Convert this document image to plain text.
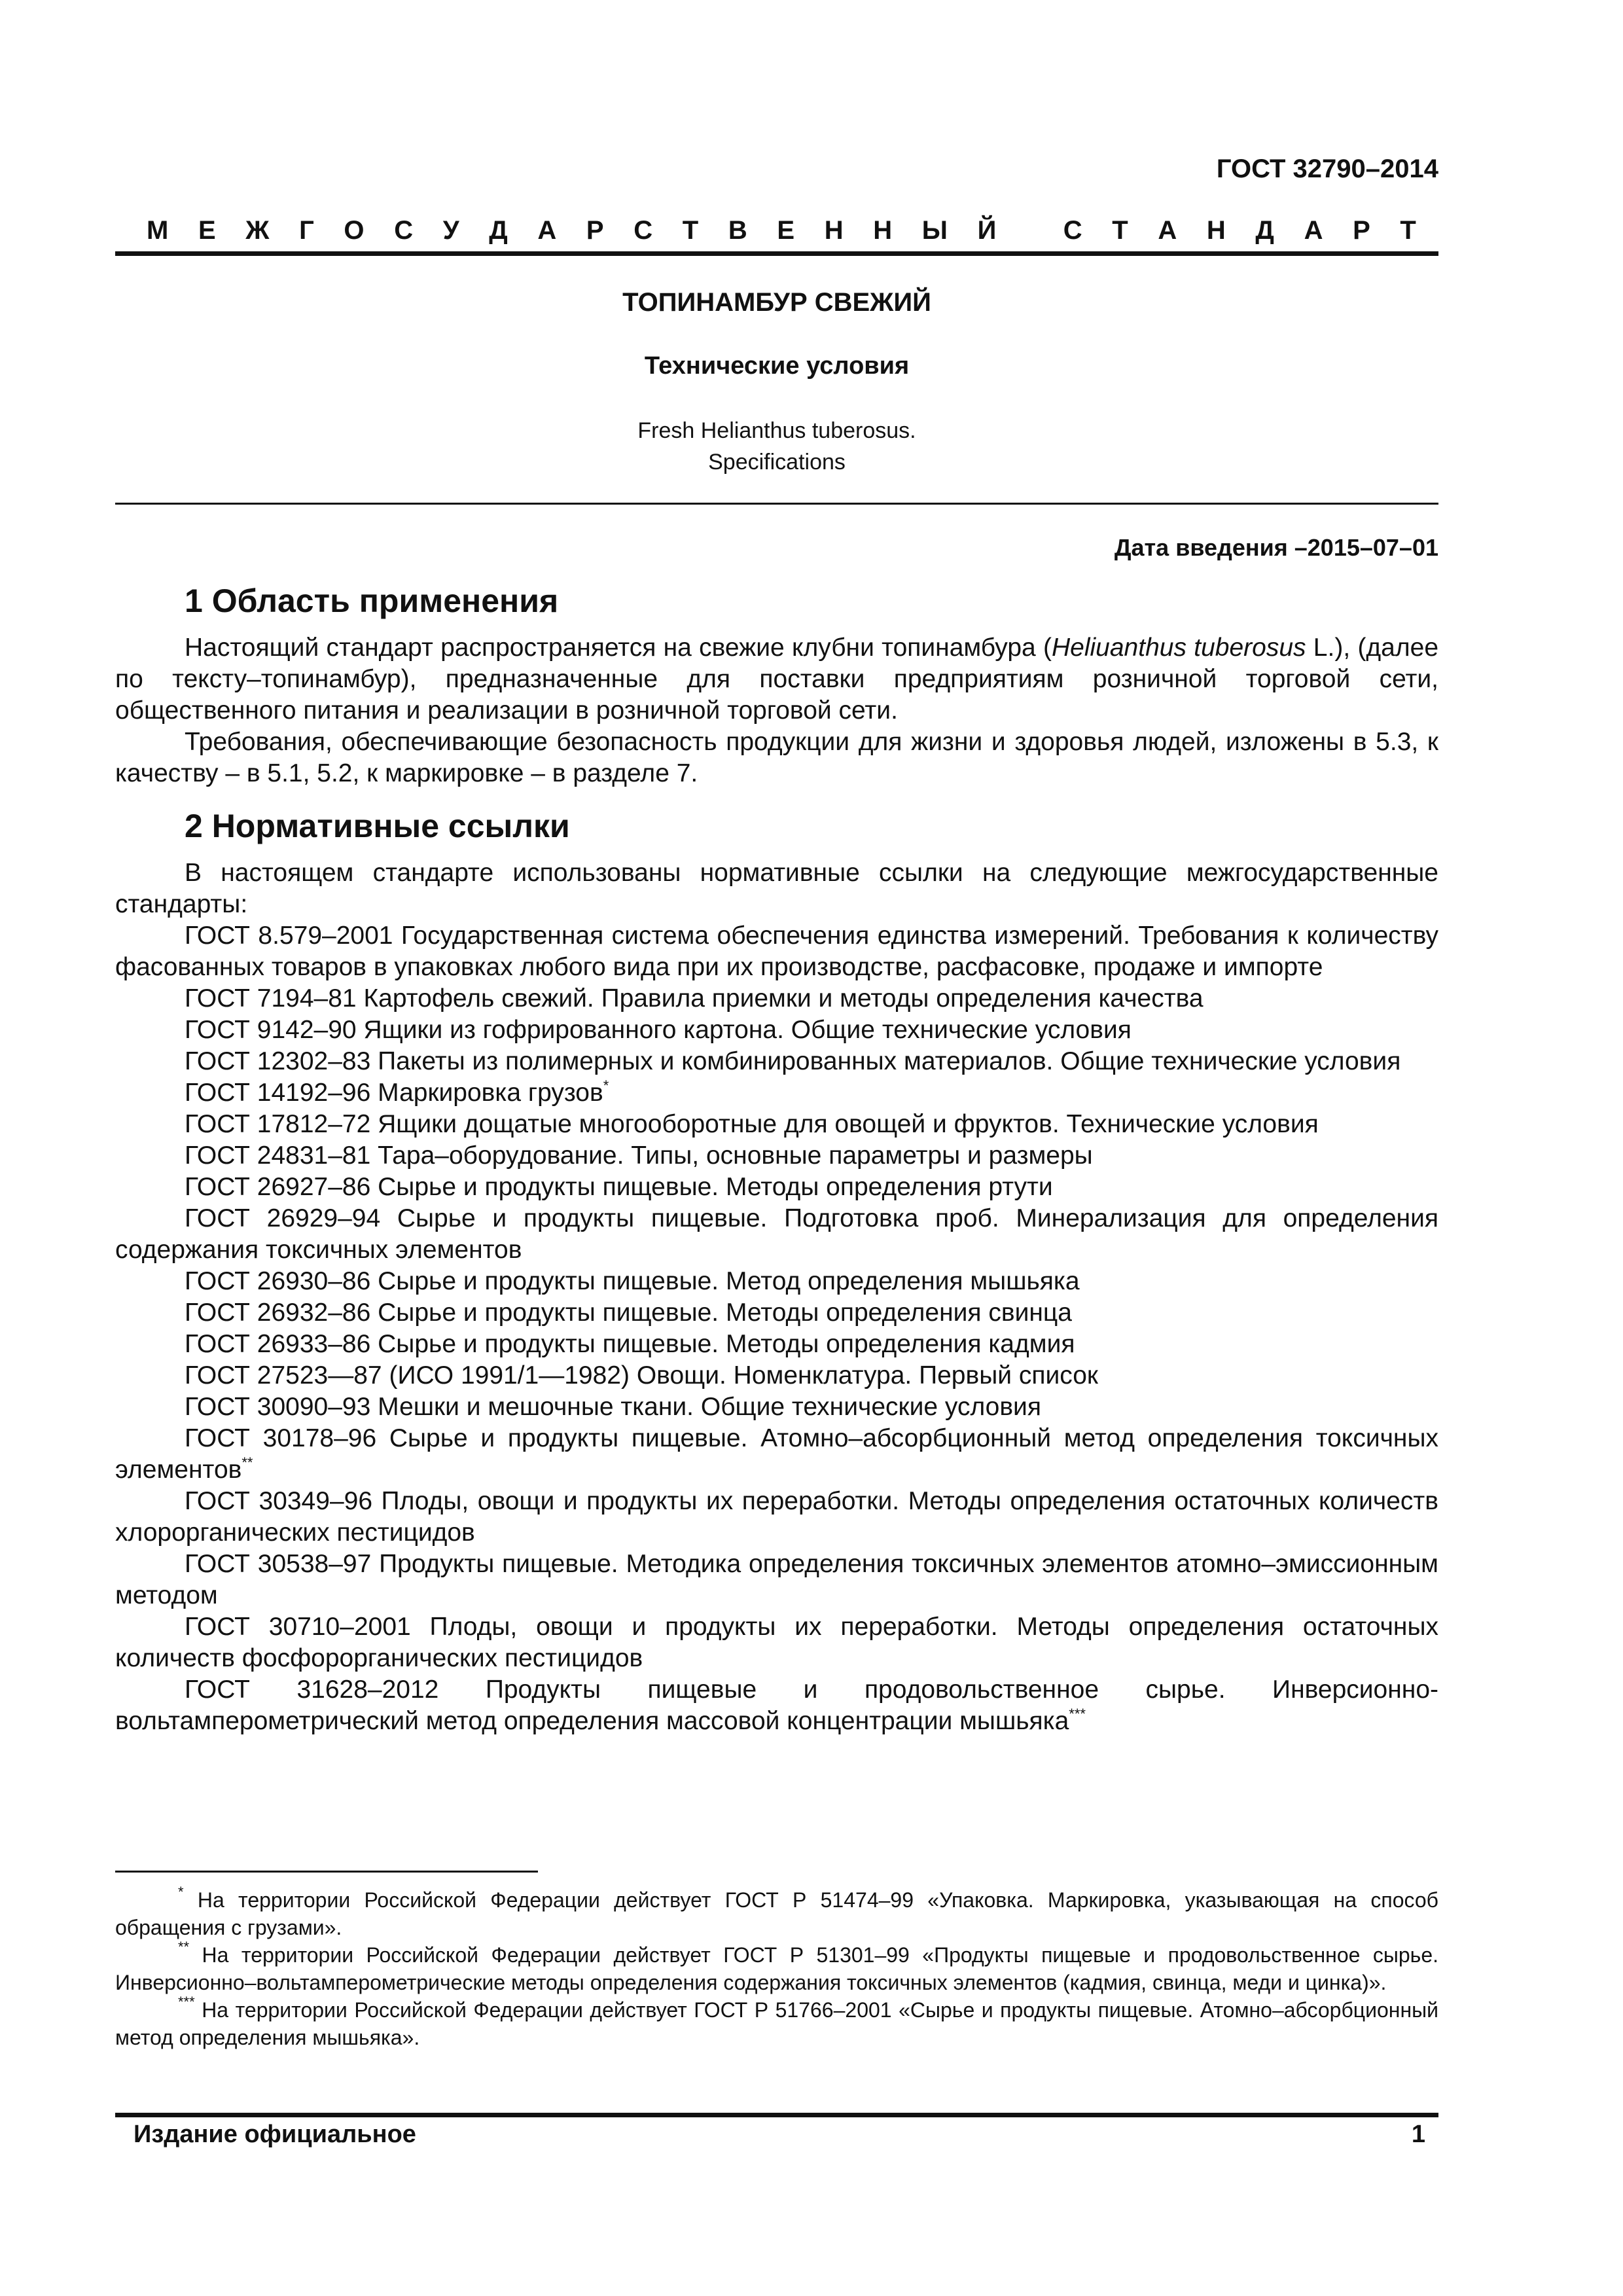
ГОСТ 32790–2014
М Е Ж Г О С У Д А Р С Т В Е Н Н Ы Й
	С Т А Н Д А Р Т
ТОПИНАМБУР СВЕЖИЙ
Технические условия
Fresh Helianthus tuberosus.
Specifications
Дата введения –2015–07–01
1 Область применения

Настоящий стандарт распространяется на свежие клубни топинамбура (Heliuanthus tuberosus L.), (далее по тексту–топинамбур), предназначенные для поставки предприятиям розничной торговой сети, общественного питания и реализации в розничной торговой сети.

Требования, обеспечивающие безопасность продукции для жизни и здоровья людей, изложены в 5.3, к качеству – в 5.1, 5.2, к маркировке – в разделе 7.

2 Нормативные ссылки

В настоящем стандарте использованы нормативные ссылки на следующие межгосударственные стандарты:

ГОСТ 8.579–2001 Государственная система обеспечения единства измерений. Требования к количеству фасованных товаров в упаковках любого вида при их производстве, расфасовке, продаже и импорте

ГОСТ 7194–81 Картофель свежий. Правила приемки и методы определения качества

ГОСТ 9142–90 Ящики из гофрированного картона. Общие технические условия

ГОСТ 12302–83 Пакеты из полимерных и комбинированных материалов. Общие технические условия

ГОСТ 14192–96 Маркировка грузов*

ГОСТ 17812–72 Ящики дощатые многооборотные для овощей и фруктов. Технические условия

ГОСТ 24831–81 Тара–оборудование. Типы, основные параметры и размеры

ГОСТ 26927–86 Сырье и продукты пищевые. Методы определения ртути

ГОСТ 26929–94 Сырье и продукты пищевые. Подготовка проб. Минерализация для определения содержания токсичных элементов

ГОСТ 26930–86 Сырье и продукты пищевые. Метод определения мышьяка

ГОСТ 26932–86 Сырье и продукты пищевые. Методы определения свинца

ГОСТ 26933–86 Сырье и продукты пищевые. Методы определения кадмия

ГОСТ 27523—87 (ИСО 1991/1—1982) Овощи. Номенклатура. Первый список

ГОСТ 30090–93 Мешки и мешочные ткани. Общие технические условия

ГОСТ 30178–96 Сырье и продукты пищевые. Атомно–абсорбционный метод определения токсичных элементов**

ГОСТ 30349–96 Плоды, овощи и продукты их переработки. Методы определения остаточных количеств хлорорганических пестицидов

ГОСТ 30538–97 Продукты пищевые. Методика определения токсичных элементов атомно–эмиссионным методом

ГОСТ 30710–2001 Плоды, овощи и продукты их переработки. Методы определения остаточных количеств фосфорорганических пестицидов

ГОСТ 31628–2012 Продукты пищевые и продовольственное сырье. Инверсионно-вольтамперометрический метод определения массовой концентрации мышьяка***

* На территории Российской Федерации действует ГОСТ Р 51474–99 «Упаковка. Маркировка, указывающая на способ обращения с грузами».

** На территории Российской Федерации действует ГОСТ Р 51301–99 «Продукты пищевые и продовольственное сырье. Инверсионно–вольтамперометрические методы определения содержания токсичных элементов (кадмия, свинца, меди и цинка)».

*** На территории Российской Федерации действует ГОСТ Р 51766–2001 «Сырье и продукты пищевые. Атомно–абсорбционный метод определения мышьяка».

Издание официальное	1
